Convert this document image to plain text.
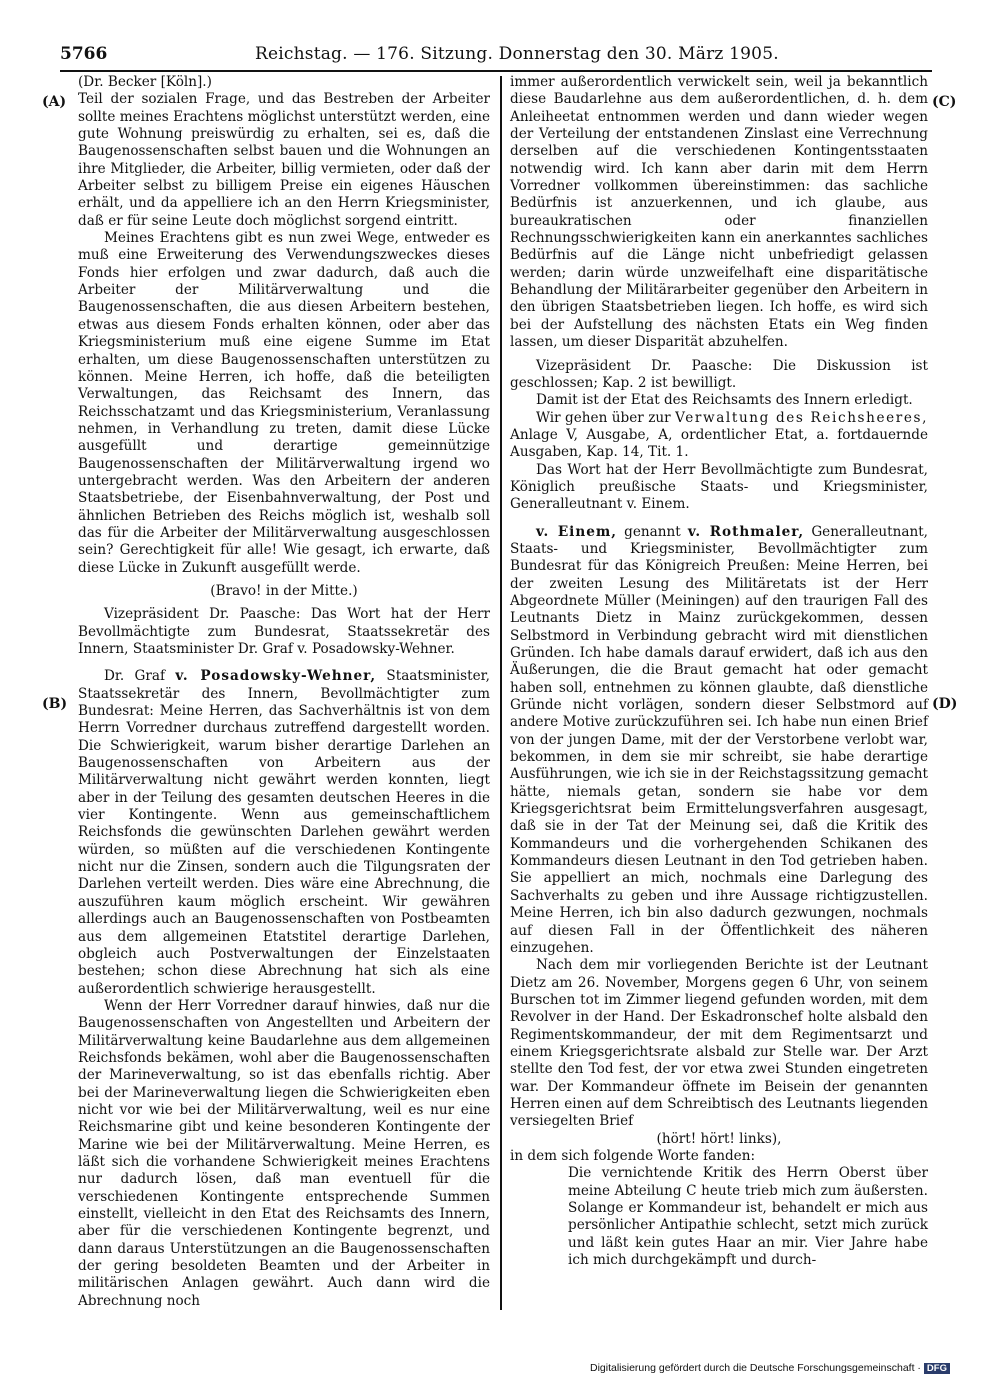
5766	Reichstag. — 176. Sitzung. Donnerstag den 30. März 1905.
(A)
(B)
(C)
(D)

(Dr. Becker [Köln].)

Teil der sozialen Frage, und das Bestreben der Arbeiter sollte meines Erachtens möglichst unterstützt werden, eine gute Wohnung preiswürdig zu erhalten, sei es, daß die Baugenossenschaften selbst bauen und die Wohnungen an ihre Mitglieder, die Arbeiter, billig vermieten, oder daß der Arbeiter selbst zu billigem Preise ein eigenes Häuschen erhält, und da appelliere ich an den Herrn Kriegsminister, daß er für seine Leute doch möglichst sorgend eintritt.

Meines Erachtens gibt es nun zwei Wege, entweder es muß eine Erweiterung des Verwendungszweckes dieses Fonds hier erfolgen und zwar dadurch, daß auch die Arbeiter der Militärverwaltung und die Baugenossenschaften, die aus diesen Arbeitern bestehen, etwas aus diesem Fonds erhalten können, oder aber das Kriegsministerium muß eine eigene Summe im Etat erhalten, um diese Baugenossenschaften unterstützen zu können. Meine Herren, ich hoffe, daß die beteiligten Verwaltungen, das Reichsamt des Innern, das Reichsschatzamt und das Kriegsministerium, Veranlassung nehmen, in Verhandlung zu treten, damit diese Lücke ausgefüllt und derartige gemeinnützige Baugenossenschaften der Militärverwaltung irgend wo untergebracht werden. Was den Arbeitern der anderen Staatsbetriebe, der Eisenbahnverwaltung, der Post und ähnlichen Betrieben des Reichs möglich ist, weshalb soll das für die Arbeiter der Militärverwaltung ausgeschlossen sein? Gerechtigkeit für alle! Wie gesagt, ich erwarte, daß diese Lücke in Zukunft ausgefüllt werde.

(Bravo! in der Mitte.)

Vizepräsident Dr. Paasche: Das Wort hat der Herr Bevollmächtigte zum Bundesrat, Staatssekretär des Innern, Staatsminister Dr. Graf v. Posadowsky-Wehner.

Dr. Graf v. Posadowsky-Wehner, Staatsminister, Staatssekretär des Innern, Bevollmächtigter zum Bundesrat: Meine Herren, das Sachverhältnis ist von dem Herrn Vorredner durchaus zutreffend dargestellt worden. Die Schwierigkeit, warum bisher derartige Darlehen an Baugenossenschaften von Arbeitern aus der Militärverwaltung nicht gewährt werden konnten, liegt aber in der Teilung des gesamten deutschen Heeres in die vier Kontingente. Wenn aus gemeinschaftlichem Reichsfonds die gewünschten Darlehen gewährt werden würden, so müßten auf die verschiedenen Kontingente nicht nur die Zinsen, sondern auch die Tilgungsraten der Darlehen verteilt werden. Dies wäre eine Abrechnung, die auszuführen kaum möglich erscheint. Wir gewähren allerdings auch an Baugenossenschaften von Postbeamten aus dem allgemeinen Etatstitel derartige Darlehen, obgleich auch Postverwaltungen der Einzelstaaten bestehen; schon diese Abrechnung hat sich als eine außerordentlich schwierige herausgestellt.

Wenn der Herr Vorredner darauf hinwies, daß nur die Baugenossenschaften von Angestellten und Arbeitern der Militärverwaltung keine Baudarlehne aus dem allgemeinen Reichsfonds bekämen, wohl aber die Baugenossenschaften der Marineverwaltung, so ist das ebenfalls richtig. Aber bei der Marineverwaltung liegen die Schwierigkeiten eben nicht vor wie bei der Militärverwaltung, weil es nur eine Reichsmarine gibt und keine besonderen Kontingente der Marine wie bei der Militärverwaltung. Meine Herren, es läßt sich die vorhandene Schwierigkeit meines Erachtens nur dadurch lösen, daß man eventuell für die verschiedenen Kontingente entsprechende Summen einstellt, vielleicht in den Etat des Reichsamts des Innern, aber für die verschiedenen Kontingente begrenzt, und dann daraus Unterstützungen an die Baugenossenschaften der gering besoldeten Beamten und der Arbeiter in militärischen Anlagen gewährt. Auch dann wird die Abrechnung noch

immer außerordentlich verwickelt sein, weil ja bekanntlich diese Baudarlehne aus dem außerordentlichen, d. h. dem Anleiheetat entnommen werden und dann wieder wegen der Verteilung der entstandenen Zinslast eine Verrechnung derselben auf die verschiedenen Kontingentsstaaten notwendig wird. Ich kann aber darin mit dem Herrn Vorredner vollkommen übereinstimmen: das sachliche Bedürfnis ist anzuerkennen, und ich glaube, aus bureaukratischen oder finanziellen Rechnungsschwierigkeiten kann ein anerkanntes sachliches Bedürfnis auf die Länge nicht unbefriedigt gelassen werden; darin würde unzweifelhaft eine disparitätische Behandlung der Militärarbeiter gegenüber den Arbeitern in den übrigen Staatsbetrieben liegen. Ich hoffe, es wird sich bei der Aufstellung des nächsten Etats ein Weg finden lassen, um dieser Disparität abzuhelfen.

Vizepräsident Dr. Paasche: Die Diskussion ist geschlossen; Kap. 2 ist bewilligt.

Damit ist der Etat des Reichsamts des Innern erledigt.

Wir gehen über zur Verwaltung des Reichsheeres, Anlage V, Ausgabe, A, ordentlicher Etat, a. fortdauernde Ausgaben, Kap. 14, Tit. 1.

Das Wort hat der Herr Bevollmächtigte zum Bundesrat, Königlich preußische Staats- und Kriegsminister, Generalleutnant v. Einem.

v. Einem, genannt v. Rothmaler, Generalleutnant, Staats- und Kriegsminister, Bevollmächtigter zum Bundesrat für das Königreich Preußen: Meine Herren, bei der zweiten Lesung des Militäretats ist der Herr Abgeordnete Müller (Meiningen) auf den traurigen Fall des Leutnants Dietz in Mainz zurückgekommen, dessen Selbstmord in Verbindung gebracht wird mit dienstlichen Gründen. Ich habe damals darauf erwidert, daß ich aus den Äußerungen, die die Braut gemacht hat oder gemacht haben soll, entnehmen zu können glaubte, daß dienstliche Gründe nicht vorlägen, sondern dieser Selbstmord auf andere Motive zurückzuführen sei. Ich habe nun einen Brief von der jungen Dame, mit der der Verstorbene verlobt war, bekommen, in dem sie mir schreibt, sie habe derartige Ausführungen, wie ich sie in der Reichstagssitzung gemacht hätte, niemals getan, sondern sie habe vor dem Kriegsgerichtsrat beim Ermittelungsverfahren ausgesagt, daß sie in der Tat der Meinung sei, daß die Kritik des Kommandeurs und die vorhergehenden Schikanen des Kommandeurs diesen Leutnant in den Tod getrieben haben. Sie appelliert an mich, nochmals eine Darlegung des Sachverhalts zu geben und ihre Aussage richtigzustellen. Meine Herren, ich bin also dadurch gezwungen, nochmals auf diesen Fall in der Öffentlichkeit des näheren einzugehen.

Nach dem mir vorliegenden Berichte ist der Leutnant Dietz am 26. November, Morgens gegen 6 Uhr, von seinem Burschen tot im Zimmer liegend gefunden worden, mit dem Revolver in der Hand. Der Eskadronschef holte alsbald den Regimentskommandeur, der mit dem Regimentsarzt und einem Kriegsgerichtsrate alsbald zur Stelle war. Der Arzt stellte den Tod fest, der vor etwa zwei Stunden eingetreten war. Der Kommandeur öffnete im Beisein der genannten Herren einen auf dem Schreibtisch des Leutnants liegenden versiegelten Brief

(hört! hört! links),

in dem sich folgende Worte fanden:

Die vernichtende Kritik des Herrn Oberst über meine Abteilung C heute trieb mich zum äußersten. Solange er Kommandeur ist, behandelt er mich aus persönlicher Antipathie schlecht, setzt mich zurück und läßt kein gutes Haar an mir. Vier Jahre habe ich mich durchgekämpft und durch-

Digitalisierung gefördert durch die Deutsche Forschungsgemeinschaft · DFG
